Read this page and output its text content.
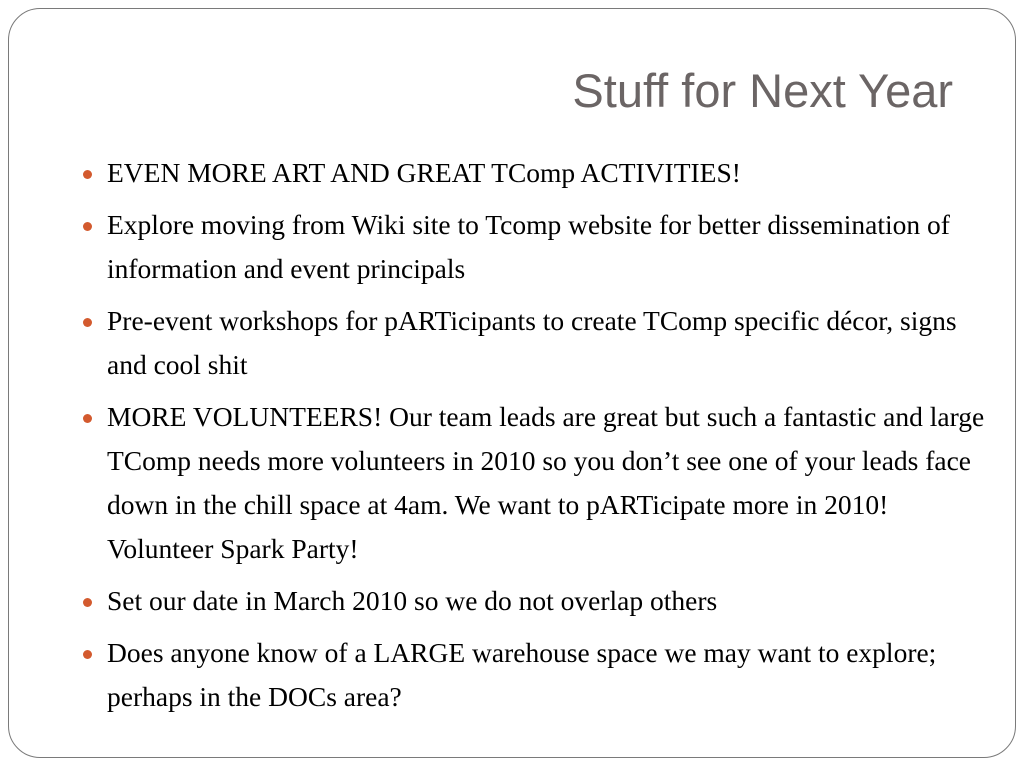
Stuff for Next Year
EVEN MORE ART AND GREAT TComp ACTIVITIES!
Explore moving from Wiki site to Tcomp website for better dissemination of information and event principals
Pre-event workshops for pARTicipants to create TComp specific décor, signs and cool shit
MORE VOLUNTEERS! Our team leads are great but such a fantastic and large TComp needs more volunteers in 2010 so you don’t see one of your leads face down in the chill space at 4am. We want to pARTicipate more in 2010! Volunteer Spark Party!
Set our date in March 2010 so we do not overlap others
Does anyone know of a LARGE warehouse space we may want to explore; perhaps in the DOCs area?
